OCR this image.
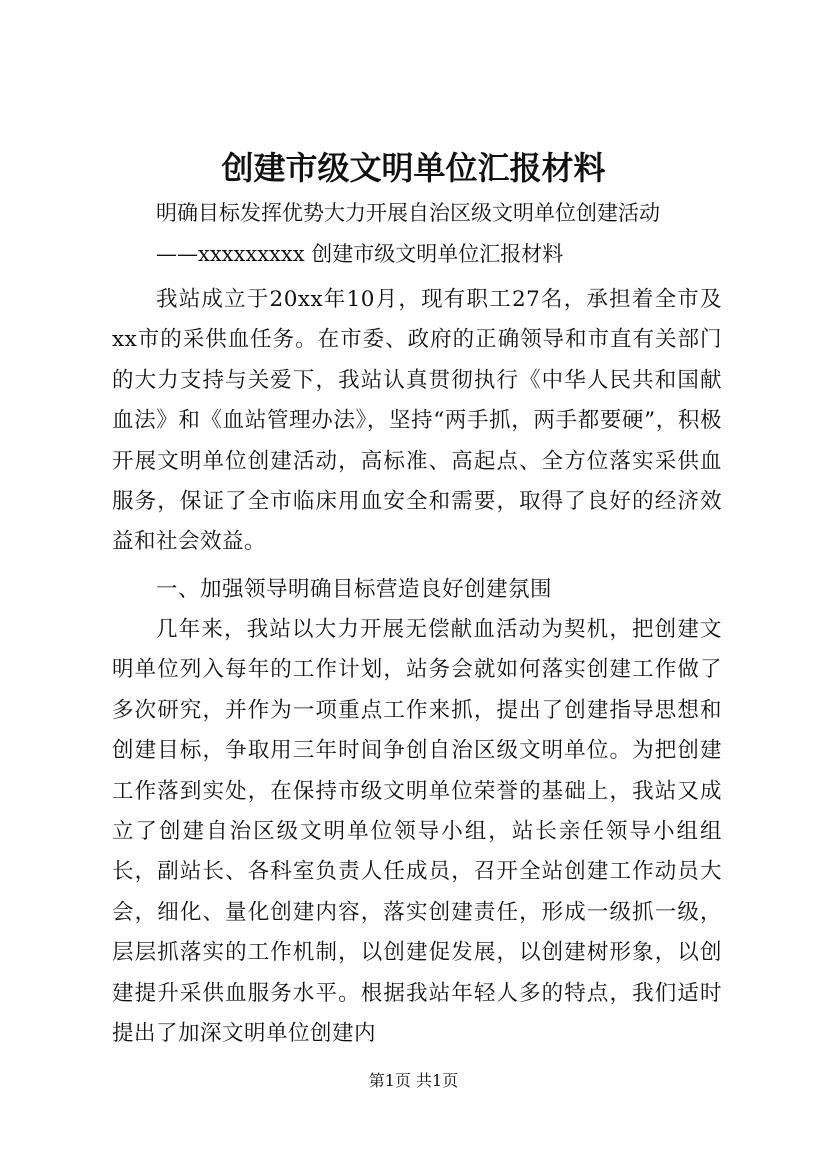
创建市级文明单位汇报材料
明确目标发挥优势大力开展自治区级文明单位创建活动
——xxxxxxxxx 创建市级文明单位汇报材料
我站成立于20xx年10月，现有职工27名，承担着全市及xx市的采供血任务。在市委、政府的正确领导和市直有关部门的大力支持与关爱下，我站认真贯彻执行《中华人民共和国献血法》和《血站管理办法》，坚持“两手抓，两手都要硬”，积极开展文明单位创建活动，高标准、高起点、全方位落实采供血服务，保证了全市临床用血安全和需要，取得了良好的经济效益和社会效益。
一、加强领导明确目标营造良好创建氛围
几年来，我站以大力开展无偿献血活动为契机，把创建文明单位列入每年的工作计划，站务会就如何落实创建工作做了多次研究，并作为一项重点工作来抓，提出了创建指导思想和创建目标，争取用三年时间争创自治区级文明单位。为把创建工作落到实处，在保持市级文明单位荣誉的基础上，我站又成立了创建自治区级文明单位领导小组，站长亲任领导小组组长，副站长、各科室负责人任成员，召开全站创建工作动员大会，细化、量化创建内容，落实创建责任，形成一级抓一级，层层抓落实的工作机制，以创建促发展，以创建树形象，以创建提升采供血服务水平。根据我站年轻人多的特点，我们适时提出了加深文明单位创建内
第1页 共1页
